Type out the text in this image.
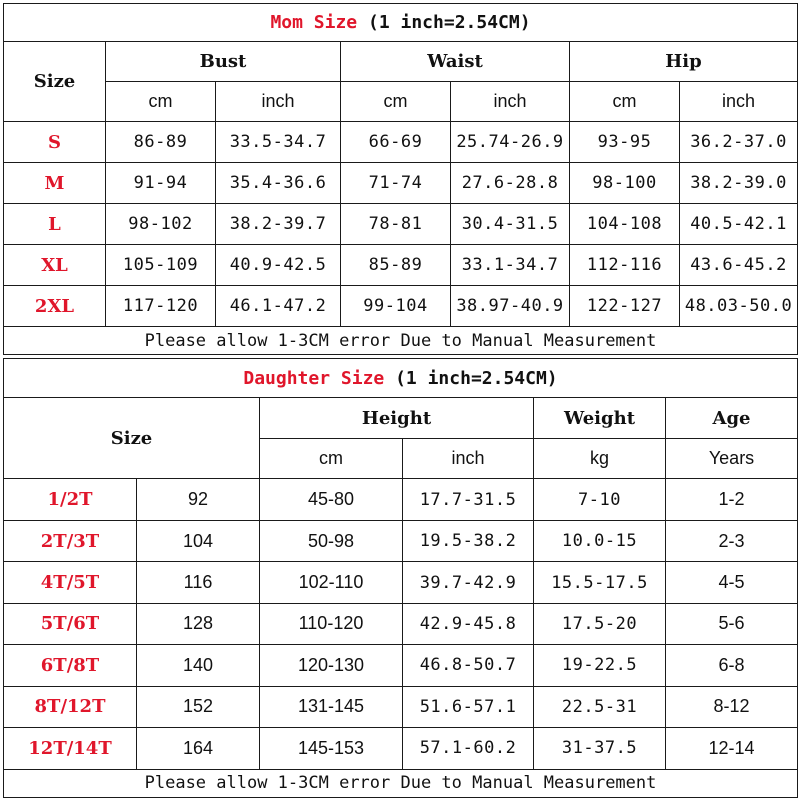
Mom Size (1 inch=2.54CM)						
Size	Bust		Waist		Hip	
	cm	inch	cm	inch	cm	inch
S	86-89	33.5-34.7	66-69	25.74-26.9	93-95	36.2-37.0
M	91-94	35.4-36.6	71-74	27.6-28.8	98-100	38.2-39.0
L	98-102	38.2-39.7	78-81	30.4-31.5	104-108	40.5-42.1
XL	105-109	40.9-42.5	85-89	33.1-34.7	112-116	43.6-45.2
2XL	117-120	46.1-47.2	99-104	38.97-40.9	122-127	48.03-50.0
Please allow 1-3CM error Due to Manual Measurement						
Daughter Size (1 inch=2.54CM)					
Size		Height		Weight	Age
		cm	inch	kg	Years
1/2T	92	45-80	17.7-31.5	7-10	1-2
2T/3T	104	50-98	19.5-38.2	10.0-15	2-3
4T/5T	116	102-110	39.7-42.9	15.5-17.5	4-5
5T/6T	128	110-120	42.9-45.8	17.5-20	5-6
6T/8T	140	120-130	46.8-50.7	19-22.5	6-8
8T/12T	152	131-145	51.6-57.1	22.5-31	8-12
12T/14T	164	145-153	57.1-60.2	31-37.5	12-14
Please allow 1-3CM error Due to Manual Measurement					
